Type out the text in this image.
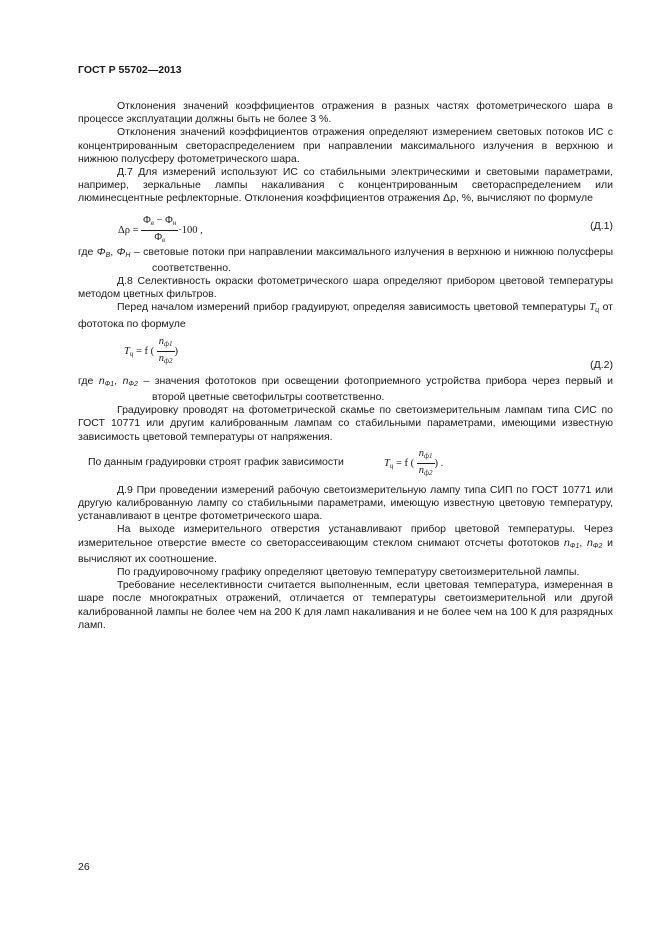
ГОСТ Р 55702—2013

Отклонения значений коэффициентов отражения в разных частях фотометрического шара в процессе эксплуатации должны быть не более 3 %.

Отклонения значений коэффициентов отражения определяют измерением световых потоков ИС с концентрированным светораспределением при направлении максимального излучения в верхнюю и нижнюю полусферу фотометрического шара.

Д.7 Для измерений используют ИС со стабильными электрическими и световыми параметрами, например, зеркальные лампы накаливания с концентрированным светораспределением или люминесцентные рефлекторные. Отклонения коэффициентов отражения Δρ, %, вычисляют по формуле

$\Delta\rho = \frac{\Phi_в - \Phi_н}{\Phi_в} \cdot 100$ ,	(Д.1)

где $\Phi_В$, $\Phi_Н$ – световые потоки при направлении максимального излучения в верхнюю и нижнюю полусферы соответственно.

Д.8 Селективность окраски фотометрического шара определяют прибором цветовой температуры методом цветных фильтров.

Перед началом измерений прибор градуируют, определяя зависимость цветовой температуры $T_ц$ от фототока по формуле

$T_ц = f$ ( $\frac{n_{ф1}}{n_{ф2}}$ )
(Д.2)

где $n_{Ф1}$, $n_{Ф2}$ – значения фототоков при освещении фотоприемного устройства прибора через первый и второй цветные светофильтры соответственно.

Градуировку проводят на фотометрической скамье по светоизмерительным лампам типа СИС по ГОСТ 10771 или другим калиброванным лампам со стабильными параметрами, имеющими известную зависимость цветовой температуры от напряжения.

По данным градуировки строят график зависимости	$T_ц = f$ ( $\frac{n_{ф1}}{n_{ф2}}$ ) .

Д.9 При проведении измерений рабочую светоизмерительную лампу типа СИП по ГОСТ 10771 или другую калиброванную лампу со стабильными параметрами, имеющую известную цветовую температуру, устанавливают в центре фотометрического шара.

На выходе измерительного отверстия устанавливают прибор цветовой температуры. Через измерительное отверстие вместе со светорассеивающим стеклом снимают отсчеты фототоков $n_{Ф1}$, $n_{Ф2}$ и вычисляют их соотношение.

По градуировочному графику определяют цветовую температуру светоизмерительной лампы.

Требование неселективности считается выполненным, если цветовая температура, измеренная в шаре после многократных отражений, отличается от температуры светоизмерительной или другой калиброванной лампы не более чем на 200 К для ламп накаливания и не более чем на 100 К для разрядных ламп.

26
